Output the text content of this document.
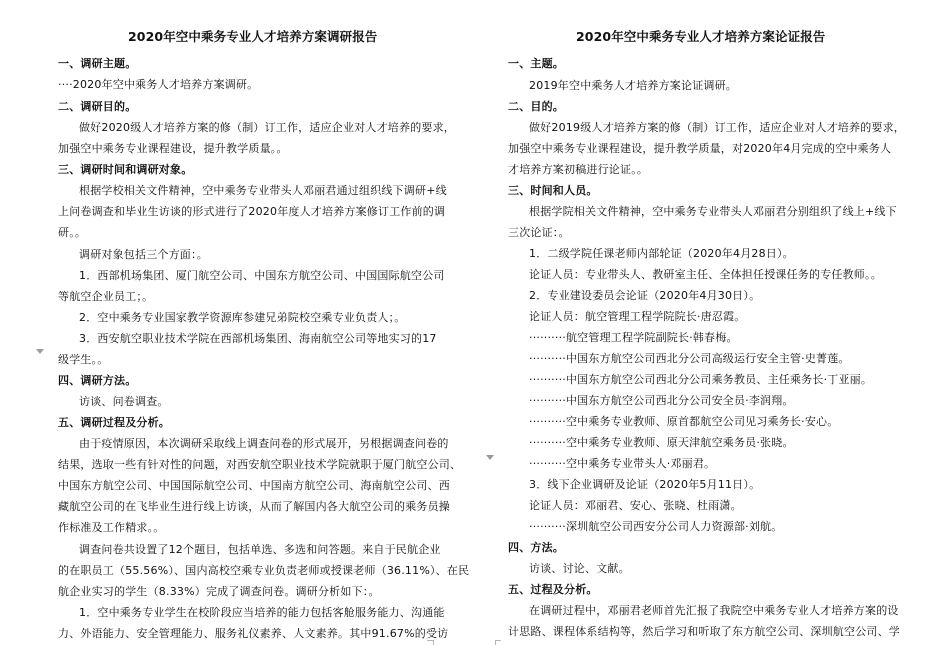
2020年空中乘务专业人才培养方案调研报告
一、调研主题。
····2020年空中乘务人才培养方案调研。
二、调研目的。
做好2020级人才培养方案的修（制）订工作，适应企业对人才培养的要求，
加强空中乘务专业课程建设，提升教学质量。。
三、调研时间和调研对象。
根据学校相关文件精神，空中乘务专业带头人邓丽君通过组织线下调研+线
上问卷调查和毕业生访谈的形式进行了2020年度人才培养方案修订工作前的调
研。。
调研对象包括三个方面：。
1．西部机场集团、厦门航空公司、中国东方航空公司、中国国际航空公司
等航空企业员工；。
2．空中乘务专业国家教学资源库参建兄弟院校空乘专业负责人；。
3．西安航空职业技术学院在西部机场集团、海南航空公司等地实习的17
级学生。。
四、调研方法。
访谈、问卷调查。
五、调研过程及分析。
由于疫情原因，本次调研采取线上调查问卷的形式展开，另根据调查问卷的
结果，选取一些有针对性的问题，对西安航空职业技术学院就职于厦门航空公司、
中国东方航空公司、中国国际航空公司、中国南方航空公司、海南航空公司、西
藏航空公司的在飞毕业生进行线上访谈，从而了解国内各大航空公司的乘务员操
作标准及工作精求。。
调查问卷共设置了12个题目，包括单选、多选和问答题。来自于民航企业
的在职员工（55.56%）、国内高校空乘专业负责老师或授课老师（36.11%）、在民
航企业实习的学生（8.33%）完成了调查问卷。调研分析如下：。
1．空中乘务专业学生在校阶段应当培养的能力包括客舱服务能力、沟通能
力、外语能力、安全管理能力、服务礼仪素养、人文素养。其中91.67%的受访
2020年空中乘务专业人才培养方案论证报告
一、主题。
2019年空中乘务人才培养方案论证调研。
二、目的。
做好2019级人才培养方案的修（制）订工作，适应企业对人才培养的要求，
加强空中乘务专业课程建设，提升教学质量，对2020年4月完成的空中乘务人
才培养方案初稿进行论证。。
三、时间和人员。
根据学院相关文件精神，空中乘务专业带头人邓丽君分别组织了线上+线下
三次论证：。
1．二级学院任课老师内部轮证（2020年4月28日）。
论证人员：专业带头人、教研室主任、全体担任授课任务的专任教师。。
2．专业建设委员会论证（2020年4月30日）。
论证人员：航空管理工程学院院长·唐忍霞。
··········航空管理工程学院副院长·韩春梅。
··········中国东方航空公司西北分公司高级运行安全主管·史菁莲。
··········中国东方航空公司西北分公司乘务教员、主任乘务长·丁亚丽。
··········中国东方航空公司西北分公司安全员·李润翔。
··········空中乘务专业教师、原首都航空公司见习乘务长·安心。
··········空中乘务专业教师、原天津航空乘务员·张晓。
··········空中乘务专业带头人·邓丽君。
3．线下企业调研及论证（2020年5月11日）。
论证人员：邓丽君、安心、张晓、杜雨潇。
··········深圳航空公司西安分公司人力资源部·刘航。
四、方法。
访谈、讨论、文献。
五、过程及分析。
在调研过程中，邓丽君老师首先汇报了我院空中乘务专业人才培养方案的设
计思路、课程体系结构等，然后学习和听取了东方航空公司、深圳航空公司、学
